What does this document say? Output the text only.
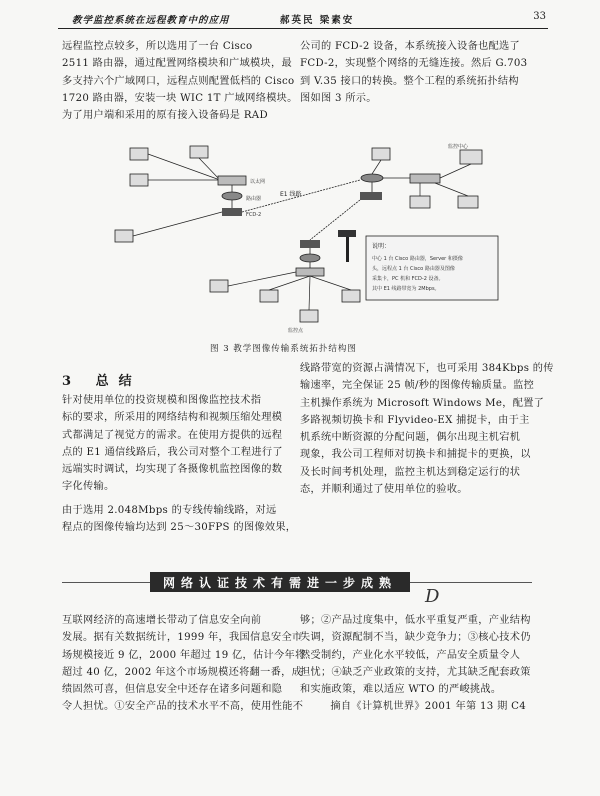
教学监控系统在远程教育中的应用	郝英民 梁素安	33
远程监控点较多，所以选用了一台 Cisco
2511 路由器，通过配置网络模块和广域模块，最
多支持六个广域网口，远程点则配置低档的 Cisco
1720 路由器，安装一块 WIC 1T 广域网络模块。
为了用户端和采用的原有接入设备码是 RAD
公司的 FCD-2 设备，本系统接入设备也配选了
FCD-2，实现整个网络的无缝连接。然后 G.703
到 V.35 接口的转换。整个工程的系统拓扑结构
图如图 3 所示。
以太网
路由器
FCD-2
E1 线路
监控中心
监控点
说明：
中心 1 台 Cisco 路由器，Server 和摄像
头，远程点 1 台 Cisco 路由器及图像
采集卡，PC 机和 FCD-2 设备。
其中 E1 线路带宽为 2Mbps。
图 3 教学图像传输系统拓扑结构图
3 总结
针对使用单位的投资规模和图像监控技术指
标的要求，所采用的网络结构和视频压缩处理模
式都满足了视觉方的需求。在使用方提供的远程
点的 E1 通信线路后，我公司对整个工程进行了
远端实时调试，均实现了各摄像机监控图像的数
字化传输。
由于选用 2.048Mbps 的专线传输线路，对远
程点的图像传输均达到 25～30FPS 的图像效果，
线路带宽的资源占满情况下，也可采用 384Kbps 的传
输速率，完全保证 25 帧/秒的图像传输质量。监控
主机操作系统为 Microsoft Windows Me，配置了
多路视频切换卡和 Flyvideo-EX 捕捉卡，由于主
机系统中断资源的分配问题，偶尔出现主机宕机
现象，我公司工程师对切换卡和捕捉卡的更换，以
及长时间考机处理，监控主机达到稳定运行的状
态，并顺利通过了使用单位的验收。
网络认证技术有需进一步成熟
D
互联网经济的高速增长带动了信息安全向前
发展。据有关数据统计，1999 年，我国信息安全市
场规模接近 9 亿，2000 年超过 19 亿，估计今年将
超过 40 亿，2002 年这个市场规模还将翻一番，成
绩固然可喜，但信息安全中还存在诸多问题和隐
令人担忧。①安全产品的技术水平不高，使用性能不
够；②产品过度集中，低水平重复严重，产业结构
失调，资源配制不当，缺少竞争力；③核心技术仍
然受制约，产业化水平较低，产品安全质量令人
担忧；④缺乏产业政策的支持，尤其缺乏配套政策
和实施政策，难以适应 WTO 的严峻挑战。
摘自《计算机世界》2001 年第 13 期 C4
